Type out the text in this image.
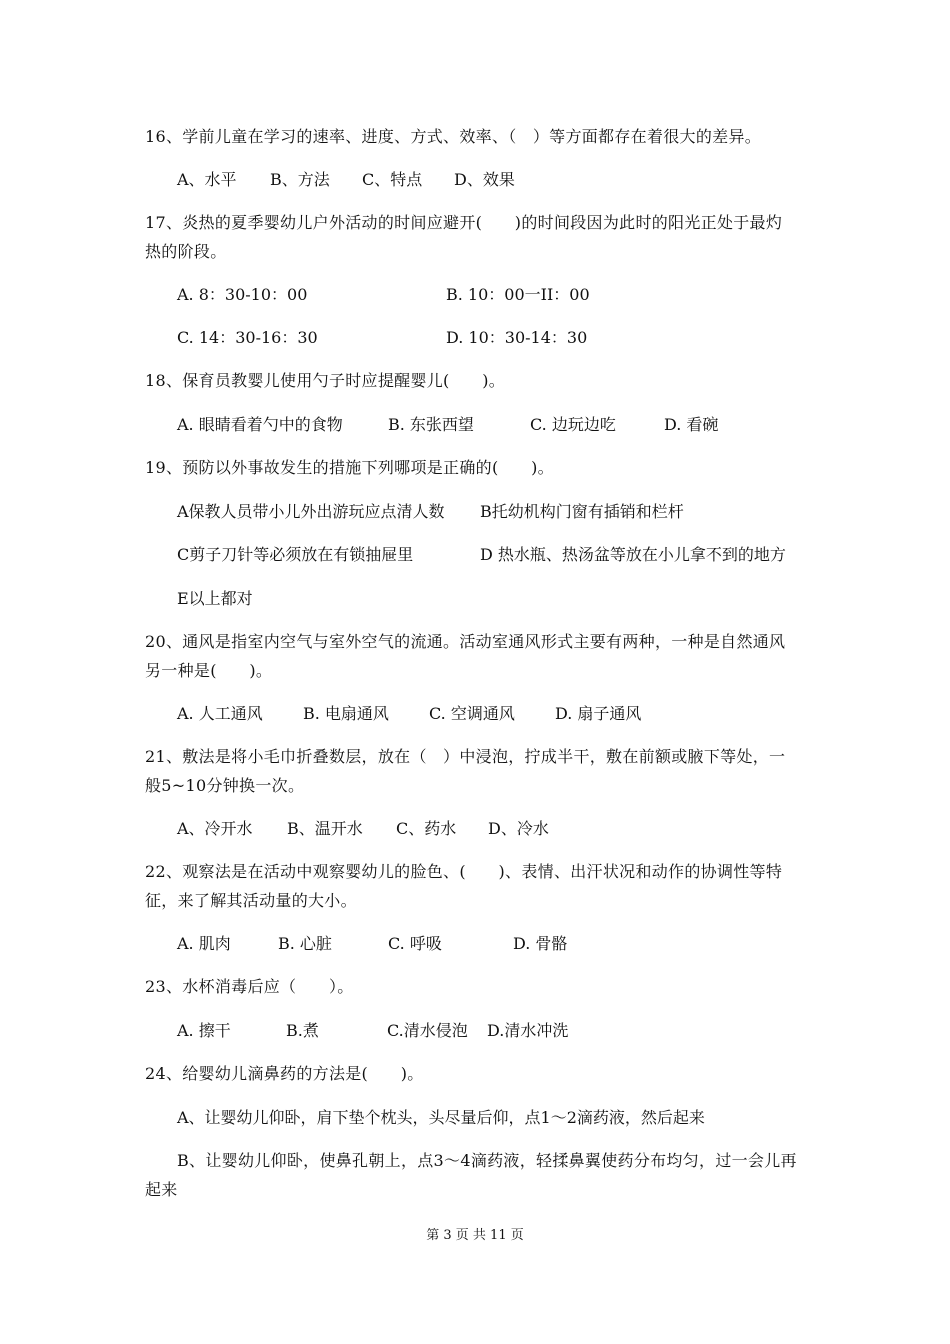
16、学前儿童在学习的速率、进度、方式、效率、（　）等方面都存在着很大的差异。
A、水平 B、方法 C、特点 D、效果
17、炎热的夏季婴幼儿户外活动的时间应避开(　　)的时间段因为此时的阳光正处于最灼
热的阶段。
A. 8：30-10：00	B. 10：00一II：00
C. 14：30-16：30	D. 10：30-14：30
18、保育员教婴儿使用勺子时应提醒婴儿(　　)。
A. 眼睛看着勺中的食物	B. 东张西望	C. 边玩边吃	D. 看碗
19、预防以外事故发生的措施下列哪项是正确的(　　)。
A保教人员带小儿外出游玩应点清人数 B托幼机构门窗有插销和栏杆
C剪子刀针等必须放在有锁抽屉里	D 热水瓶、热汤盆等放在小儿拿不到的地方
E以上都对
20、通风是指室内空气与室外空气的流通。活动室通风形式主要有两种，一种是自然通风
另一种是(　　)。
A. 人工通风	B. 电扇通风	C. 空调通风	D. 扇子通风
21、敷法是将小毛巾折叠数层，放在（　）中浸泡，拧成半干，敷在前额或腋下等处，一
般5~10分钟换一次。
A、冷开水 B、温开水 C、药水 D、冷水
22、观察法是在活动中观察婴幼儿的脸色、(　　)、表情、出汗状况和动作的协调性等特
征，来了解其活动量的大小。
A. 肌肉	B. 心脏	C. 呼吸	D. 骨骼
23、水杯消毒后应（　　）。
A. 擦干	B.煮	C.清水侵泡 D.清水冲洗
24、给婴幼儿滴鼻药的方法是(　　)。
A、让婴幼儿仰卧，肩下垫个枕头，头尽量后仰，点1～2滴药液，然后起来
B、让婴幼儿仰卧，使鼻孔朝上，点3～4滴药液，轻揉鼻翼使药分布均匀，过一会儿再
起来
第 3 页 共 11 页
